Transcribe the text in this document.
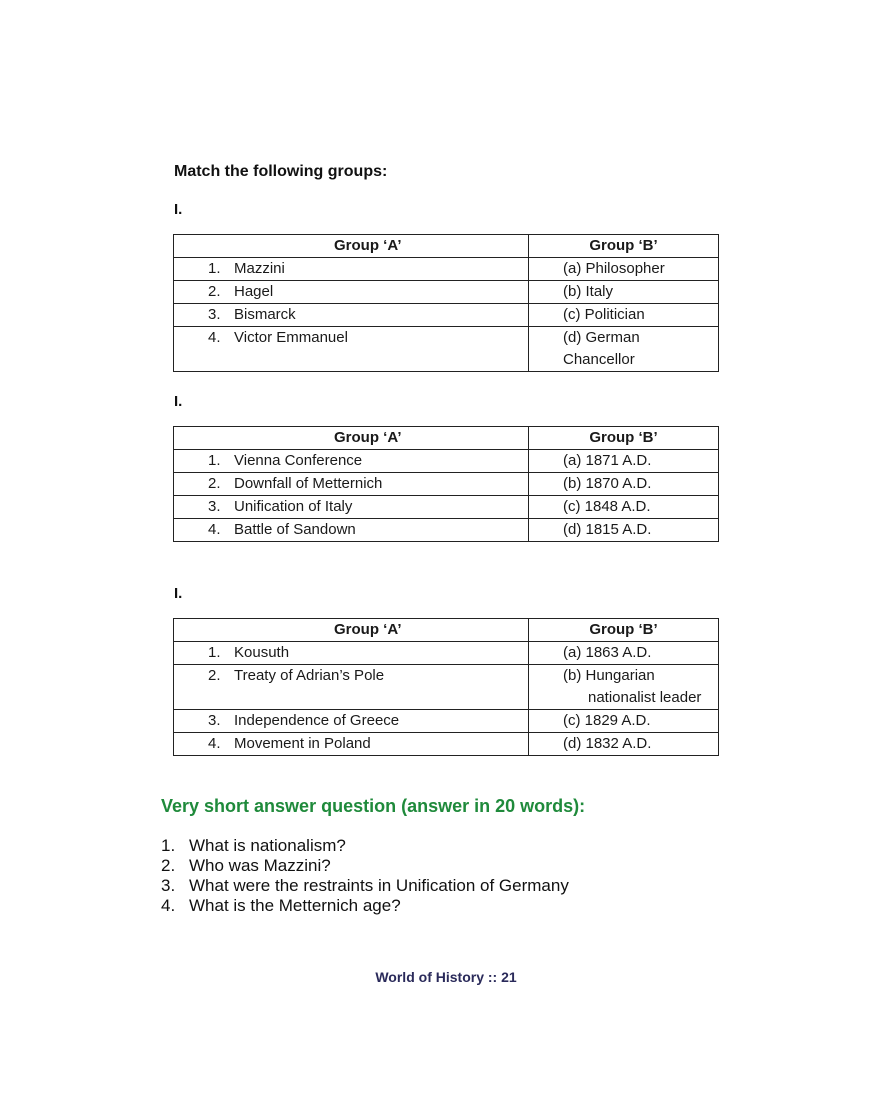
Match the following groups:
I.
Group ‘A’	Group ‘B’
1. Mazzini	(a) Philosopher
2. Hagel	(b) Italy
3. Bismarck	(c) Politician
4. Victor Emmanuel	(d) German Chancellor
I.
Group ‘A’	Group ‘B’
1. Vienna Conference	(a) 1871 A.D.
2. Downfall of Metternich	(b) 1870 A.D.
3. Unification of Italy	(c) 1848 A.D.
4. Battle of Sandown	(d) 1815 A.D.
I.
Group ‘A’	Group ‘B’
1. Kousuth	(a) 1863 A.D.
2. Treaty of Adrian’s Pole	(b) Hungarian
nationalist leader

3. Independence of Greece	(c) 1829 A.D.
4. Movement in Poland	(d) 1832 A.D.
Very short answer question (answer in 20 words):
1. What is nationalism?
2. Who was Mazzini?
3. What were the restraints in Unification of Germany
4. What is the Metternich age?
World of History :: 21
